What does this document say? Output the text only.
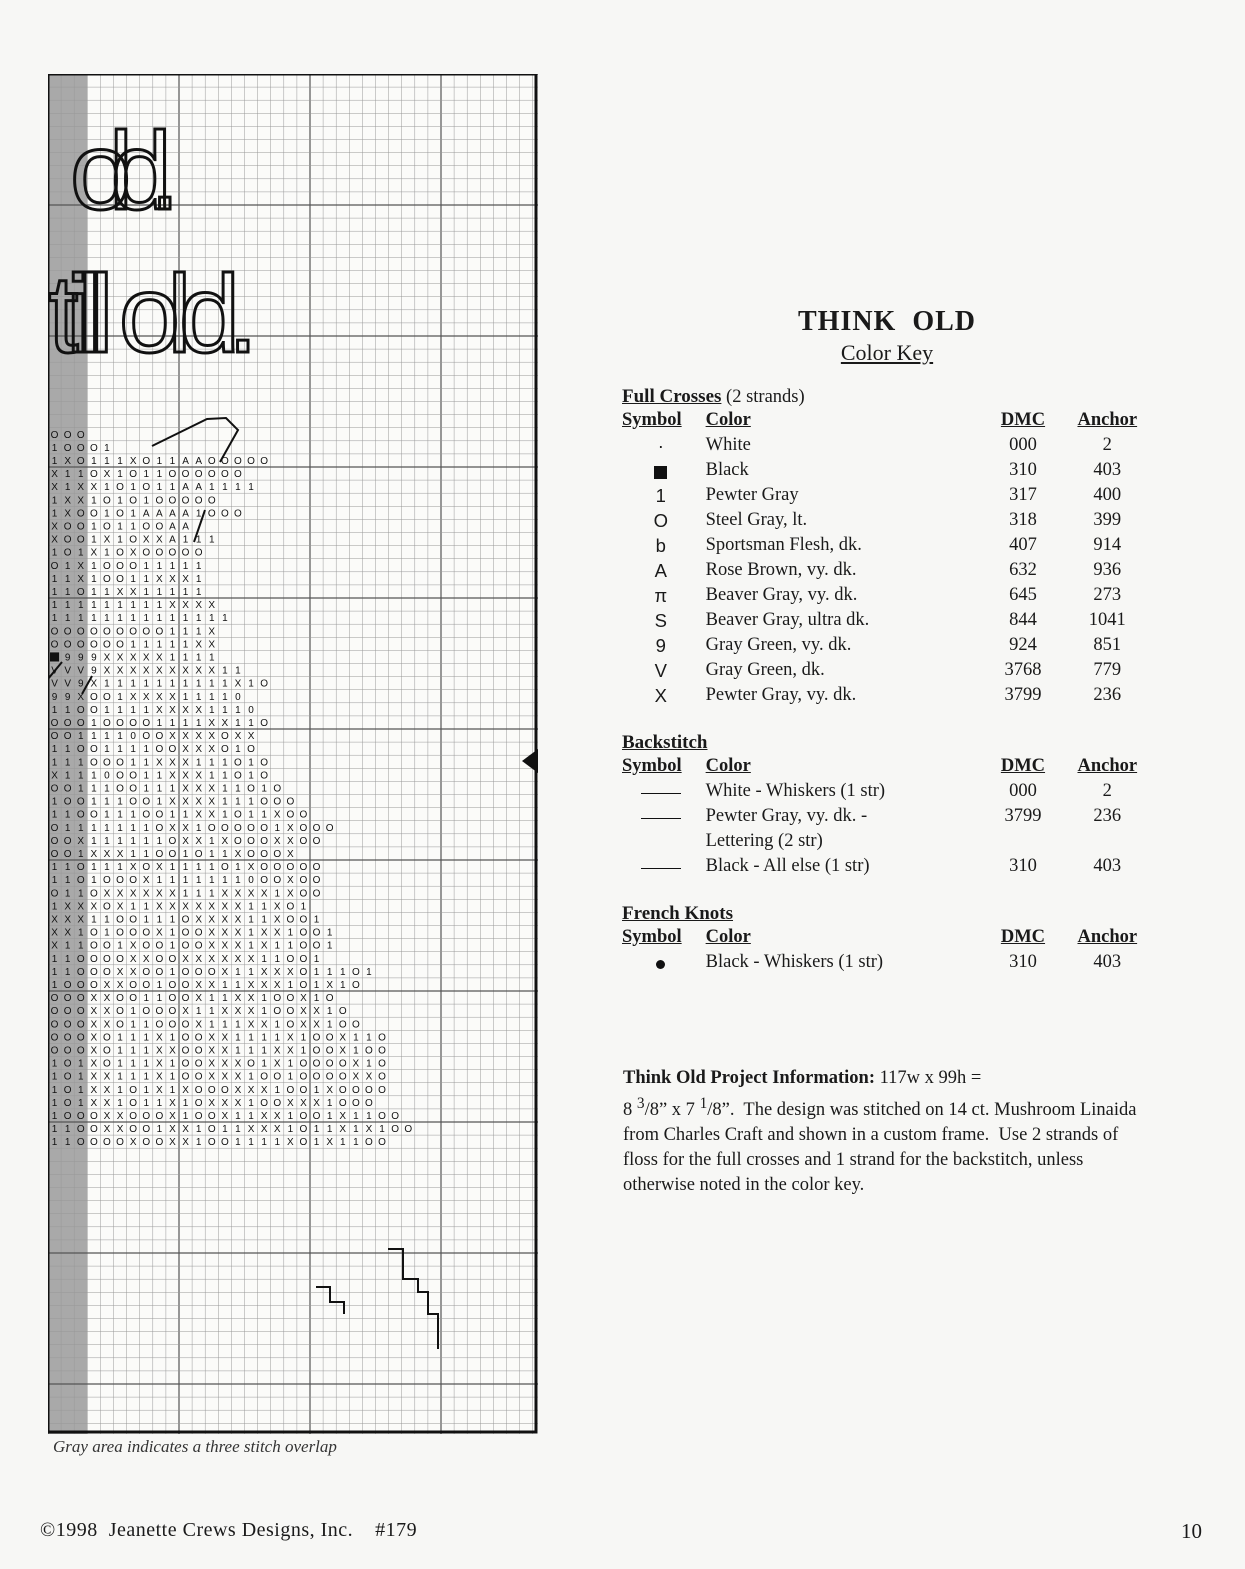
old.
till old.
O O O
1 O O O 1
1 X O 1 1 1 X O 1 1 A A O O O O O
X 1 1 O X 1 O 1 1 O O O O O O
X 1 X X 1 O 1 O 1 1 A A 1 1 1 1
1 X X 1 O 1 O 1 O O O O O
1 X O O 1 O 1 A A A A 1 O O O
X O O 1 O 1 1 O O A A
X O O 1 X 1 O X X A 1 1 1
1 O 1 X 1 O X O O O O O
O 1 X 1 O O O 1 1 1 1 1
1 1 X 1 O O 1 1 X X X 1
1 1 O 1 1 X X 1 1 1 1 1
1 1 1 1 1 1 1 1 1 X X X X
1 1 1 1 1 1 1 1 1 1 1 1 1 1
O O O O O O O O O 1 1 1 X
O O O O O O 1 1 1 1 1 X X
9 9 9 X X X X X 1 1 1 1
V V V 9 X X X X X X X X X 1 1
V V 9 X 1 1 1 1 1 1 1 1 1 1 X 1 O
9 9 X O O 1 X X X X 1 1 1 1 0
1 1 O O 1 1 1 1 X X X X 1 1 1 0
O O O 1 O O O O 1 1 1 1 X X 1 1 O
O O 1 1 1 1 0 O O X X X X O X X
1 1 O O 1 1 1 1 O O X X X O 1 O
1 1 1 O O O 1 1 X X X 1 1 1 O 1 O
X 1 1 1 0 O O 1 1 X X X 1 1 O 1 O
O O 1 1 1 O O 1 1 1 X X X 1 1 O 1 O
1 O O 1 1 1 O O 1 X X X X 1 1 1 O O O
1 1 O O 1 1 1 O O 1 1 X X 1 O 1 1 X O O
O 1 1 1 1 1 1 1 O X X 1 O O O O O 1 X O O O
O O X 1 1 1 1 1 1 O X X 1 X O O O X X O O
O O 1 X X X 1 1 O O 1 O 1 1 X O O O X
1 1 O 1 1 1 X O X 1 1 1 1 O 1 X O O O O O
1 1 O 1 O O O X 1 1 1 1 1 1 1 0 O O X O O
O 1 1 O X X X X X X 1 1 1 X X X X 1 X O O
1 X X X O X 1 1 X X X X X X X 1 1 X O 1
X X X 1 1 O O 1 1 1 O X X X X 1 1 X O O 1
X X 1 O 1 O O O X 1 O O X X X 1 X X 1 O O 1
X 1 1 O O 1 X O O 1 O O X X X 1 X 1 1 O O 1
1 1 O O O O X X O O X X X X X X 1 1 O O 1
1 1 O O O X X O O 1 O O O X 1 1 X X X O 1 1 1 O 1
1 O O O X X O O 1 O O X X 1 1 X X X 1 O 1 X 1 O
O O O X X O O 1 1 O O X 1 1 X X 1 O O X 1 O
O O O X X O 1 O O O X 1 1 X X X 1 O O X X 1 O
O O O X X O 1 1 O O O X 1 1 1 X X 1 O X X 1 O O
O O O X O 1 1 1 X 1 O O X X 1 1 1 1 X 1 O O X 1 1 O
O O O X O 1 1 1 X X O O X X 1 1 1 X X 1 O O X 1 O O
1 O 1 X O 1 1 1 X 1 O O X X X O 1 X 1 O O O O X 1 O
1 O 1 X X 1 1 1 X 1 O O X X X 1 O O 1 O O O O X X O
1 O 1 X X 1 O 1 X 1 X O O O X X X 1 O O 1 X O O O O
1 O 1 X X 1 O 1 1 X 1 O X X X 1 O O X X X 1 O O O
1 O O O X X O O O X 1 O O X 1 1 X X 1 O O 1 X 1 1 O O
1 1 O O X X O O 1 X X 1 O 1 1 X X X 1 O 1 1 X 1 X 1 O O
1 1 O O O O X O O X X 1 O O 1 1 1 1 X O 1 X 1 1 O O
Gray area indicates a three stitch overlap
THINK  OLD
Color Key
Full Crosses (2 strands)
Symbol	Color	DMC	Anchor
·	White	000	2
	Black	310	403
1	Pewter Gray	317	400
O	Steel Gray, lt.	318	399
b	Sportsman Flesh, dk.	407	914
A	Rose Brown, vy. dk.	632	936
π	Beaver Gray, vy. dk.	645	273
S	Beaver Gray, ultra dk.	844	1041
9	Gray Green, vy. dk.	924	851
V	Gray Green, dk.	3768	779
X	Pewter Gray, vy. dk.	3799	236
Backstitch
Symbol	Color	DMC	Anchor
	White - Whiskers (1 str)	000	2
	Pewter Gray, vy. dk. -
Lettering (2 str)	3799	236
	Black - All else (1 str)	310	403
French Knots
Symbol	Color	DMC	Anchor
	Black - Whiskers (1 str)	310	403
Think Old Project Information: 117w x 99h =
8 $^3$/8” x 7 $^1$/8”.  The design was stitched on 14 ct. Mushroom Linaida from Charles Craft and shown in a custom frame.  Use 2 strands of floss for the full crosses and 1 strand for the backstitch, unless otherwise noted in the color key.
©1998  Jeanette Crews Designs, Inc.    #179	10
